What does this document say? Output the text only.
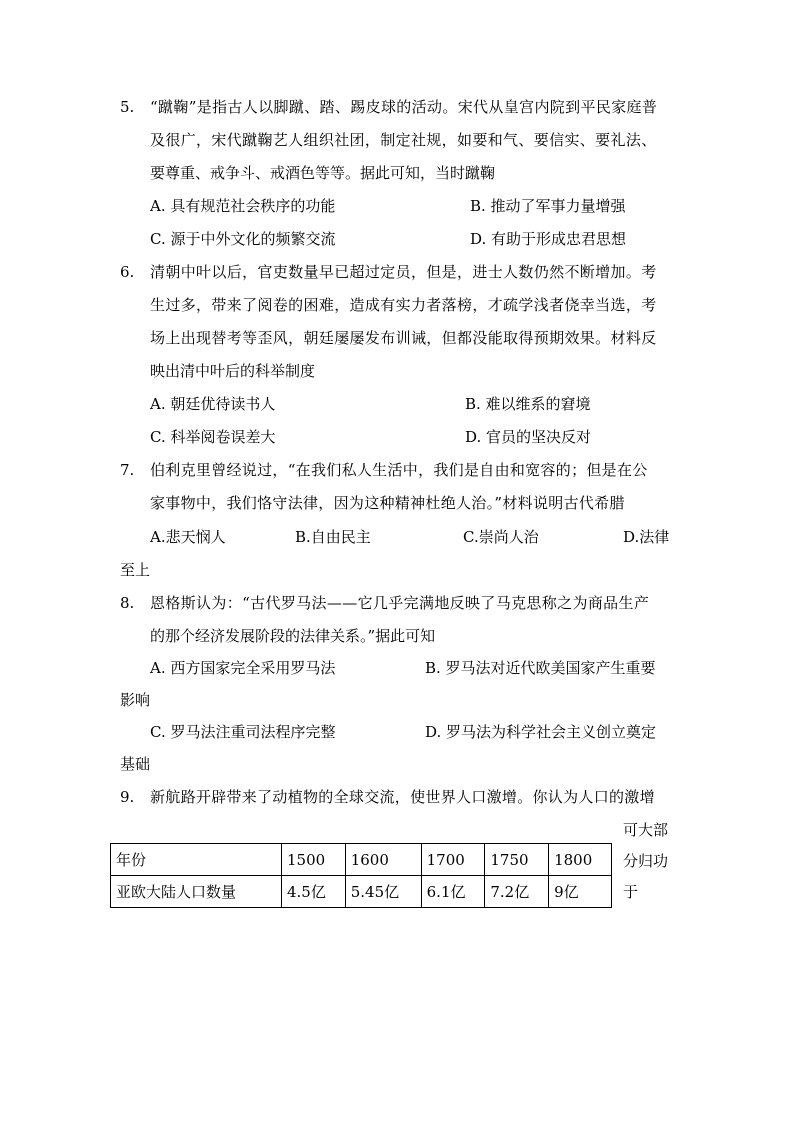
5. “蹴鞠”是指古人以脚蹴、踏、踢皮球的活动。宋代从皇宫内院到平民家庭普
及很广，宋代蹴鞠艺人组织社团，制定社规，如要和气、要信实、要礼法、
要尊重、戒争斗、戒酒色等等。据此可知，当时蹴鞠
A. 具有规范社会秩序的功能	B. 推动了军事力量增强
C. 源于中外文化的频繁交流	D. 有助于形成忠君思想
6. 清朝中叶以后，官吏数量早已超过定员，但是，进士人数仍然不断增加。考
生过多，带来了阅卷的困难，造成有实力者落榜，才疏学浅者侥幸当选，考
场上出现替考等歪风，朝廷屡屡发布训诫，但都没能取得预期效果。材料反
映出清中叶后的科举制度
A. 朝廷优待读书人	B. 难以维系的窘境
C. 科举阅卷误差大	D. 官员的坚决反对
7. 伯利克里曾经说过，“在我们私人生活中，我们是自由和宽容的；但是在公
家事物中，我们恪守法律，因为这种精神杜绝人治。”材料说明古代希腊
A.悲天悯人	B.自由民主	C.崇尚人治	D.法律
至上
8. 恩格斯认为：“古代罗马法——它几乎完满地反映了马克思称之为商品生产
的那个经济发展阶段的法律关系。”据此可知
A. 西方国家完全采用罗马法	B. 罗马法对近代欧美国家产生重要
影响
C. 罗马法注重司法程序完整	D. 罗马法为科学社会主义创立奠定
基础
9. 新航路开辟带来了动植物的全球交流，使世界人口激增。你认为人口的激增
可大部
分归功
于
年份	1500	1600	1700	1750	1800
亚欧大陆人口数量	4.5亿	5.45亿	6.1亿	7.2亿	9亿
